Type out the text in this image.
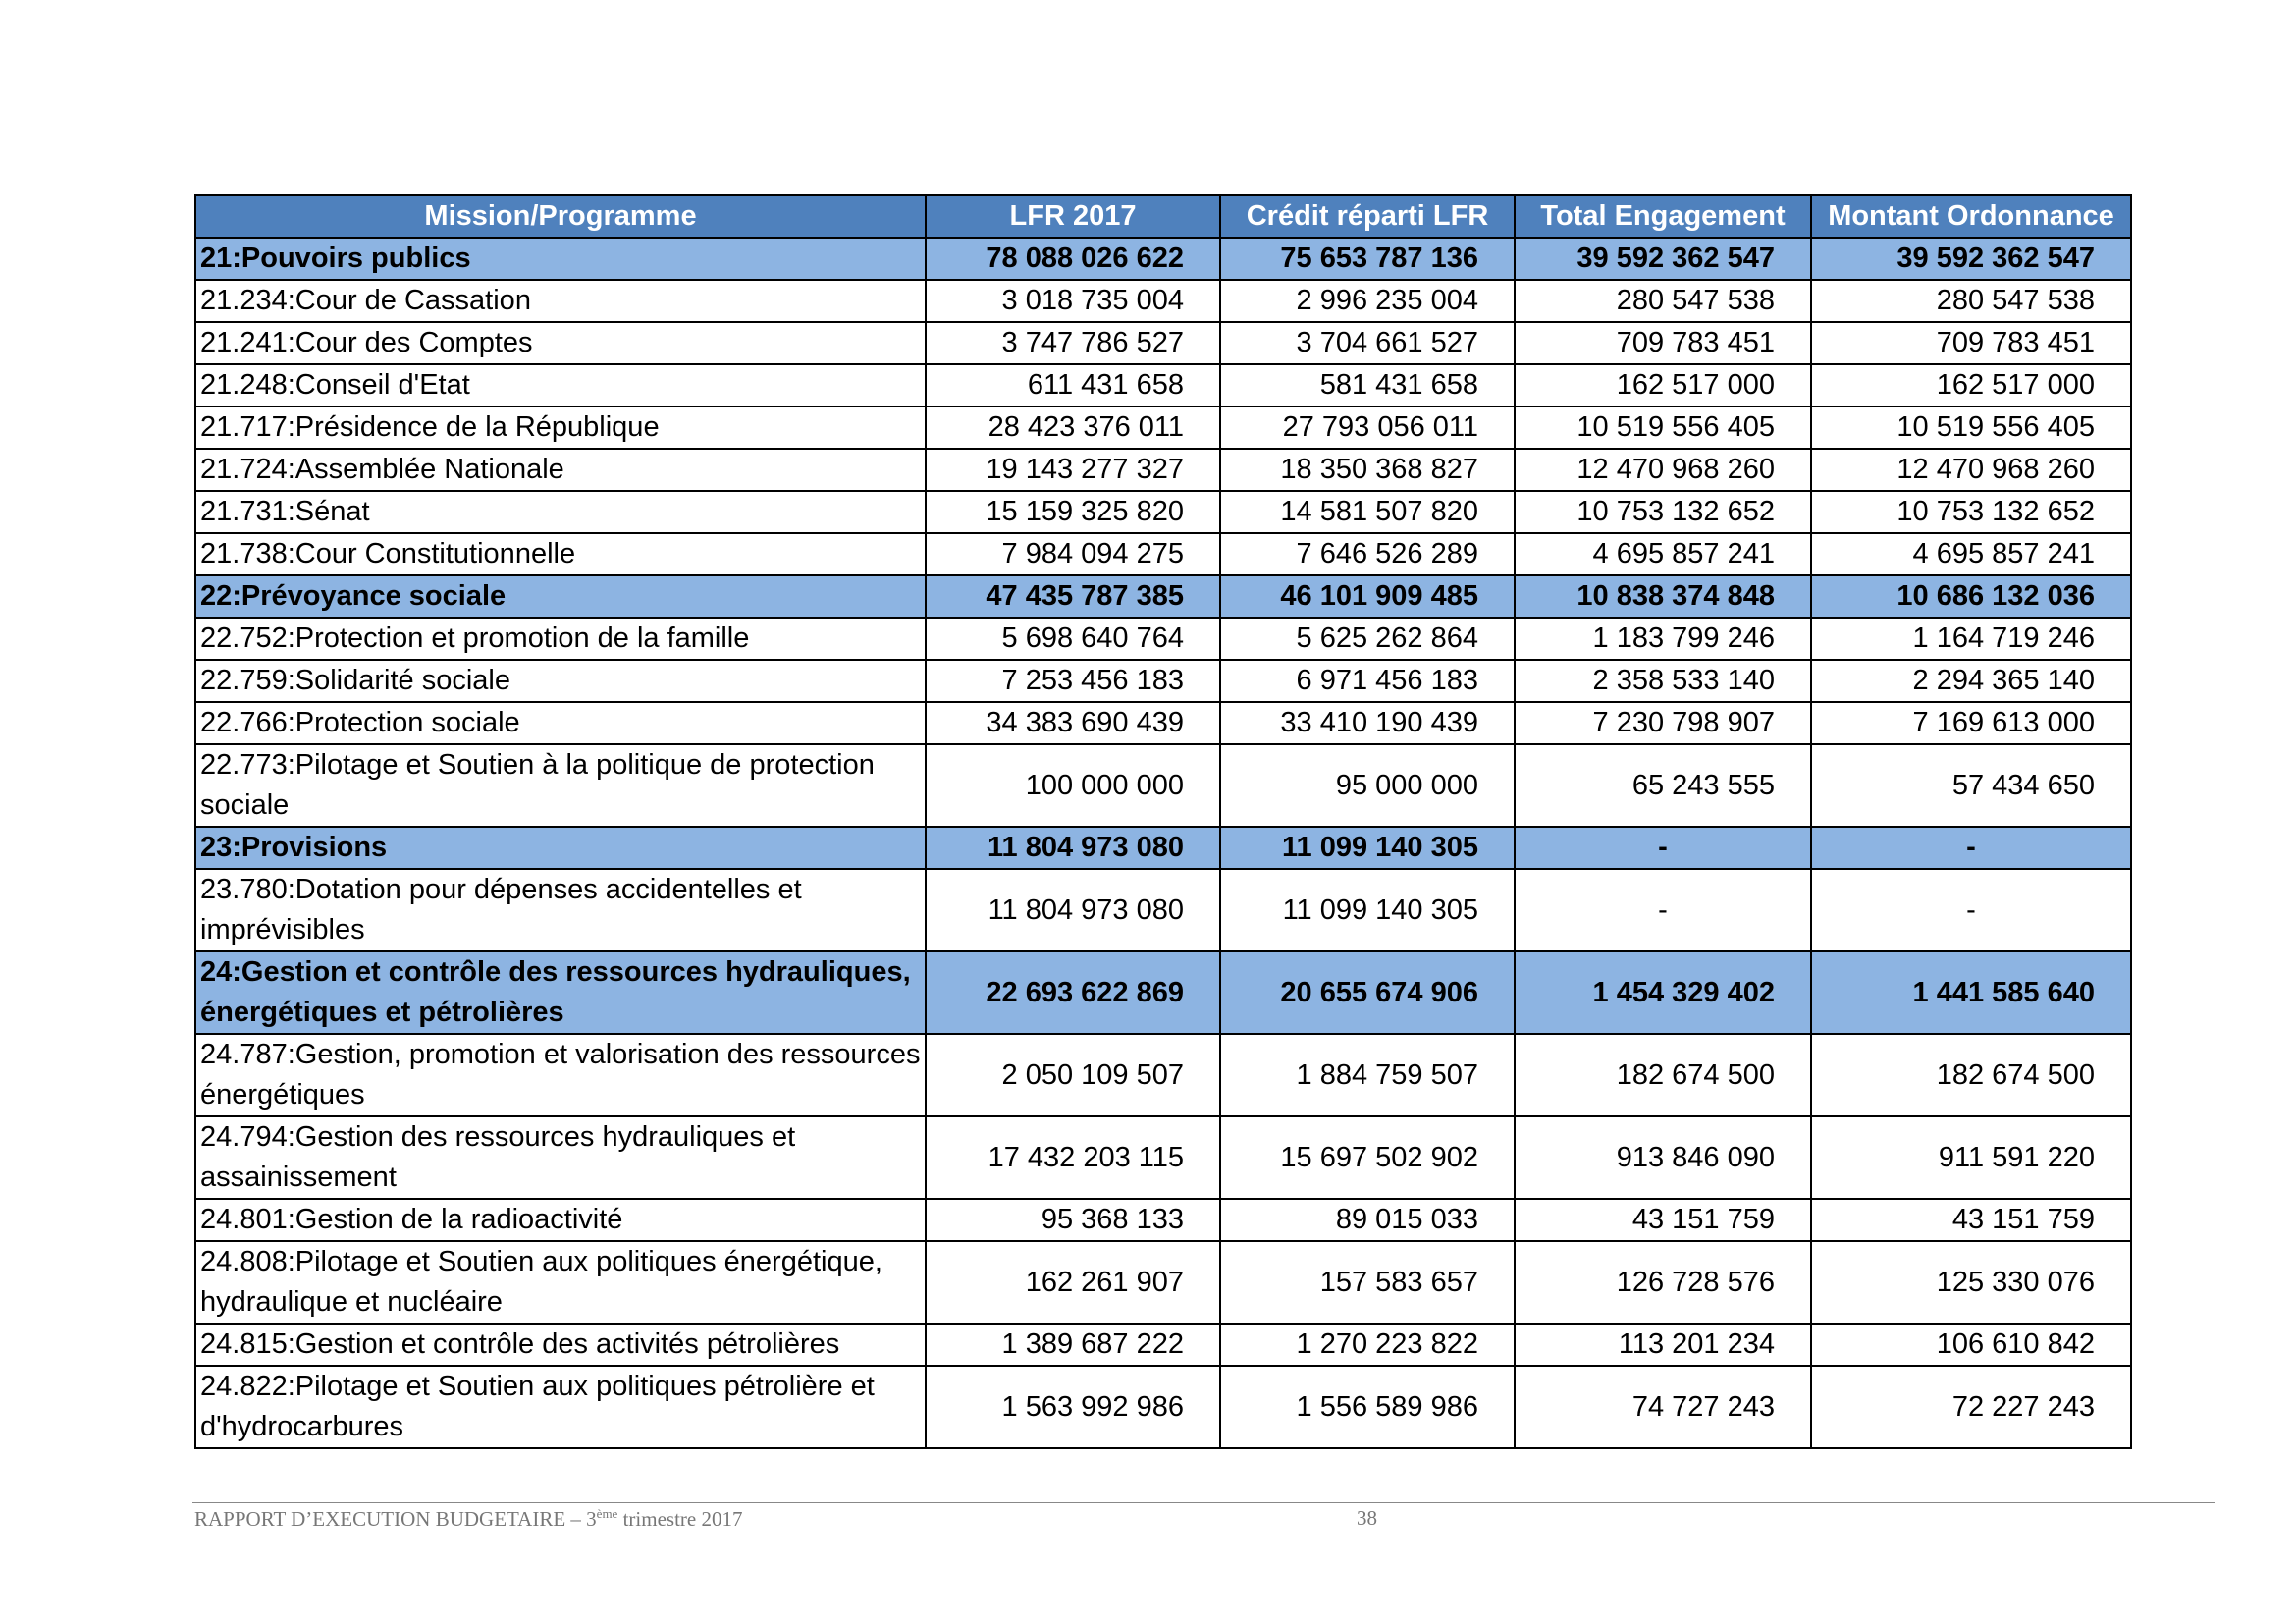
Mission/Programme	LFR 2017	Crédit réparti LFR	Total Engagement	Montant Ordonnance
21:Pouvoirs publics	78 088 026 622	75 653 787 136	39 592 362 547	39 592 362 547
21.234:Cour de Cassation	3 018 735 004	2 996 235 004	280 547 538	280 547 538
21.241:Cour des Comptes	3 747 786 527	3 704 661 527	709 783 451	709 783 451
21.248:Conseil d'Etat	611 431 658	581 431 658	162 517 000	162 517 000
21.717:Présidence de la République	28 423 376 011	27 793 056 011	10 519 556 405	10 519 556 405
21.724:Assemblée Nationale	19 143 277 327	18 350 368 827	12 470 968 260	12 470 968 260
21.731:Sénat	15 159 325 820	14 581 507 820	10 753 132 652	10 753 132 652
21.738:Cour Constitutionnelle	7 984 094 275	7 646 526 289	4 695 857 241	4 695 857 241
22:Prévoyance sociale	47 435 787 385	46 101 909 485	10 838 374 848	10 686 132 036
22.752:Protection et promotion de la famille	5 698 640 764	5 625 262 864	1 183 799 246	1 164 719 246
22.759:Solidarité sociale	7 253 456 183	6 971 456 183	2 358 533 140	2 294 365 140
22.766:Protection sociale	34 383 690 439	33 410 190 439	7 230 798 907	7 169 613 000
22.773:Pilotage et Soutien à la politique de protection sociale	100 000 000	95 000 000	65 243 555	57 434 650
23:Provisions	11 804 973 080	11 099 140 305	-	-
23.780:Dotation pour dépenses accidentelles et imprévisibles	11 804 973 080	11 099 140 305	-	-
24:Gestion et contrôle des ressources hydrauliques, énergétiques et pétrolières	22 693 622 869	20 655 674 906	1 454 329 402	1 441 585 640
24.787:Gestion, promotion et valorisation des ressources énergétiques	2 050 109 507	1 884 759 507	182 674 500	182 674 500
24.794:Gestion des ressources hydrauliques et assainissement	17 432 203 115	15 697 502 902	913 846 090	911 591 220
24.801:Gestion de la radioactivité	95 368 133	89 015 033	43 151 759	43 151 759
24.808:Pilotage et Soutien aux politiques énergétique, hydraulique et nucléaire	162 261 907	157 583 657	126 728 576	125 330 076
24.815:Gestion et contrôle des activités pétrolières	1 389 687 222	1 270 223 822	113 201 234	106 610 842
24.822:Pilotage et Soutien aux politiques pétrolière et d'hydrocarbures	1 563 992 986	1 556 589 986	74 727 243	72 227 243
RAPPORT D’EXECUTION BUDGETAIRE – 3ème trimestre 2017	38
